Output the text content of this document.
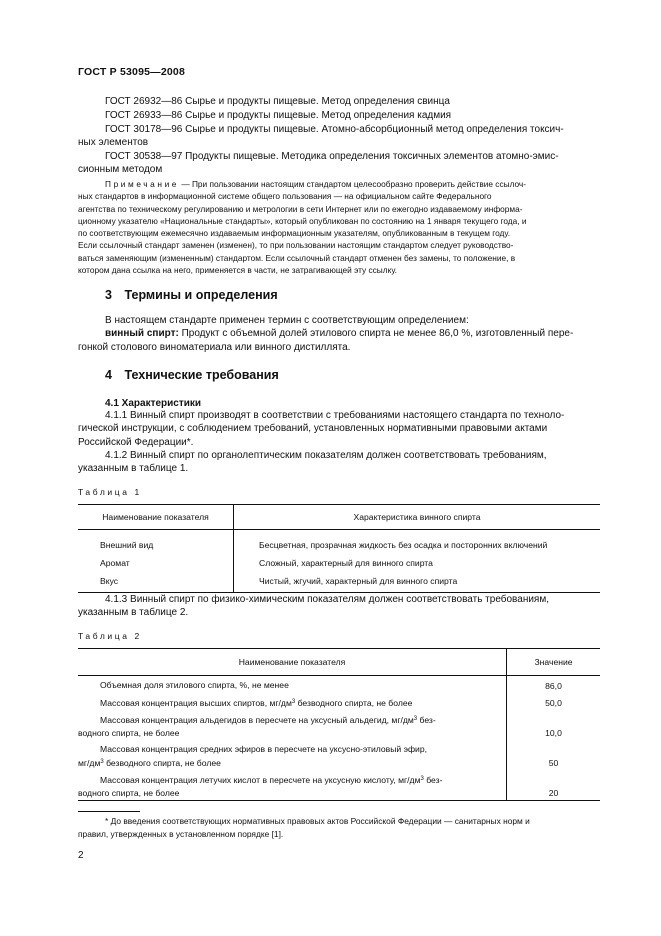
ГОСТ Р 53095—2008
ГОСТ 26932—86 Сырье и продукты пищевые. Метод определения свинца
ГОСТ 26933—86 Сырье и продукты пищевые. Метод определения кадмия
ГОСТ 30178—96 Сырье и продукты пищевые. Атомно-абсорбционный метод определения токсич-
ных элементов
ГОСТ 30538—97 Продукты пищевые. Методика определения токсичных элементов атомно-эмис-
сионным методом
Примечание — При пользовании настоящим стандартом целесообразно проверить действие ссылоч-
ных стандартов в информационной системе общего пользования — на официальном сайте Федерального
агентства по техническому регулированию и метрологии в сети Интернет или по ежегодно издаваемому информа-
ционному указателю «Национальные стандарты», который опубликован по состоянию на 1 января текущего года, и
по соответствующим ежемесячно издаваемым информационным указателям, опубликованным в текущем году.
Если ссылочный стандарт заменен (изменен), то при пользовании настоящим стандартом следует руководство-
ваться заменяющим (измененным) стандартом. Если ссылочный стандарт отменен без замены, то положение, в
котором дана ссылка на него, применяется в части, не затрагивающей эту ссылку.
3 Термины и определения
В настоящем стандарте применен термин с соответствующим определением:
винный спирт: Продукт с объемной долей этилового спирта не менее 86,0 %, изготовленный пере-
гонкой столового виноматериала или винного дистиллята.
4 Технические требования
4.1 Характеристики
4.1.1 Винный спирт производят в соответствии с требованиями настоящего стандарта по техноло-
гической инструкции, с соблюдением требований, установленных нормативными правовыми актами
Российской Федерации*.
4.1.2 Винный спирт по органолептическим показателям должен соответствовать требованиям,
указанным в таблице 1.
Таблица 1
Наименование показателя	Характеристика винного спирта
Внешний вид	Бесцветная, прозрачная жидкость без осадка и посторонних включений
Аромат	Сложный, характерный для винного спирта
Вкус	Чистый, жгучий, характерный для винного спирта
4.1.3 Винный спирт по физико-химическим показателям должен соответствовать требованиям,
указанным в таблице 2.
Таблица 2
Наименование показателя	Значение
Объемная доля этилового спирта, %, не менее	86,0
Массовая концентрация высших спиртов, $мг/дм^3$ безводного спирта, не более	50,0
Массовая концентрация альдегидов в пересчете на уксусный альдегид, $мг/дм^3$ без-
водного спирта, не более	10,0
Массовая концентрация средних эфиров в пересчете на уксусно-этиловый эфир,
$мг/дм^3$ безводного спирта, не более	50
Массовая концентрация летучих кислот в пересчете на уксусную кислоту, $мг/дм^3$ без-
водного спирта, не более	20
* До введения соответствующих нормативных правовых актов Российской Федерации — санитарных норм и
правил, утвержденных в установленном порядке [1].
2
